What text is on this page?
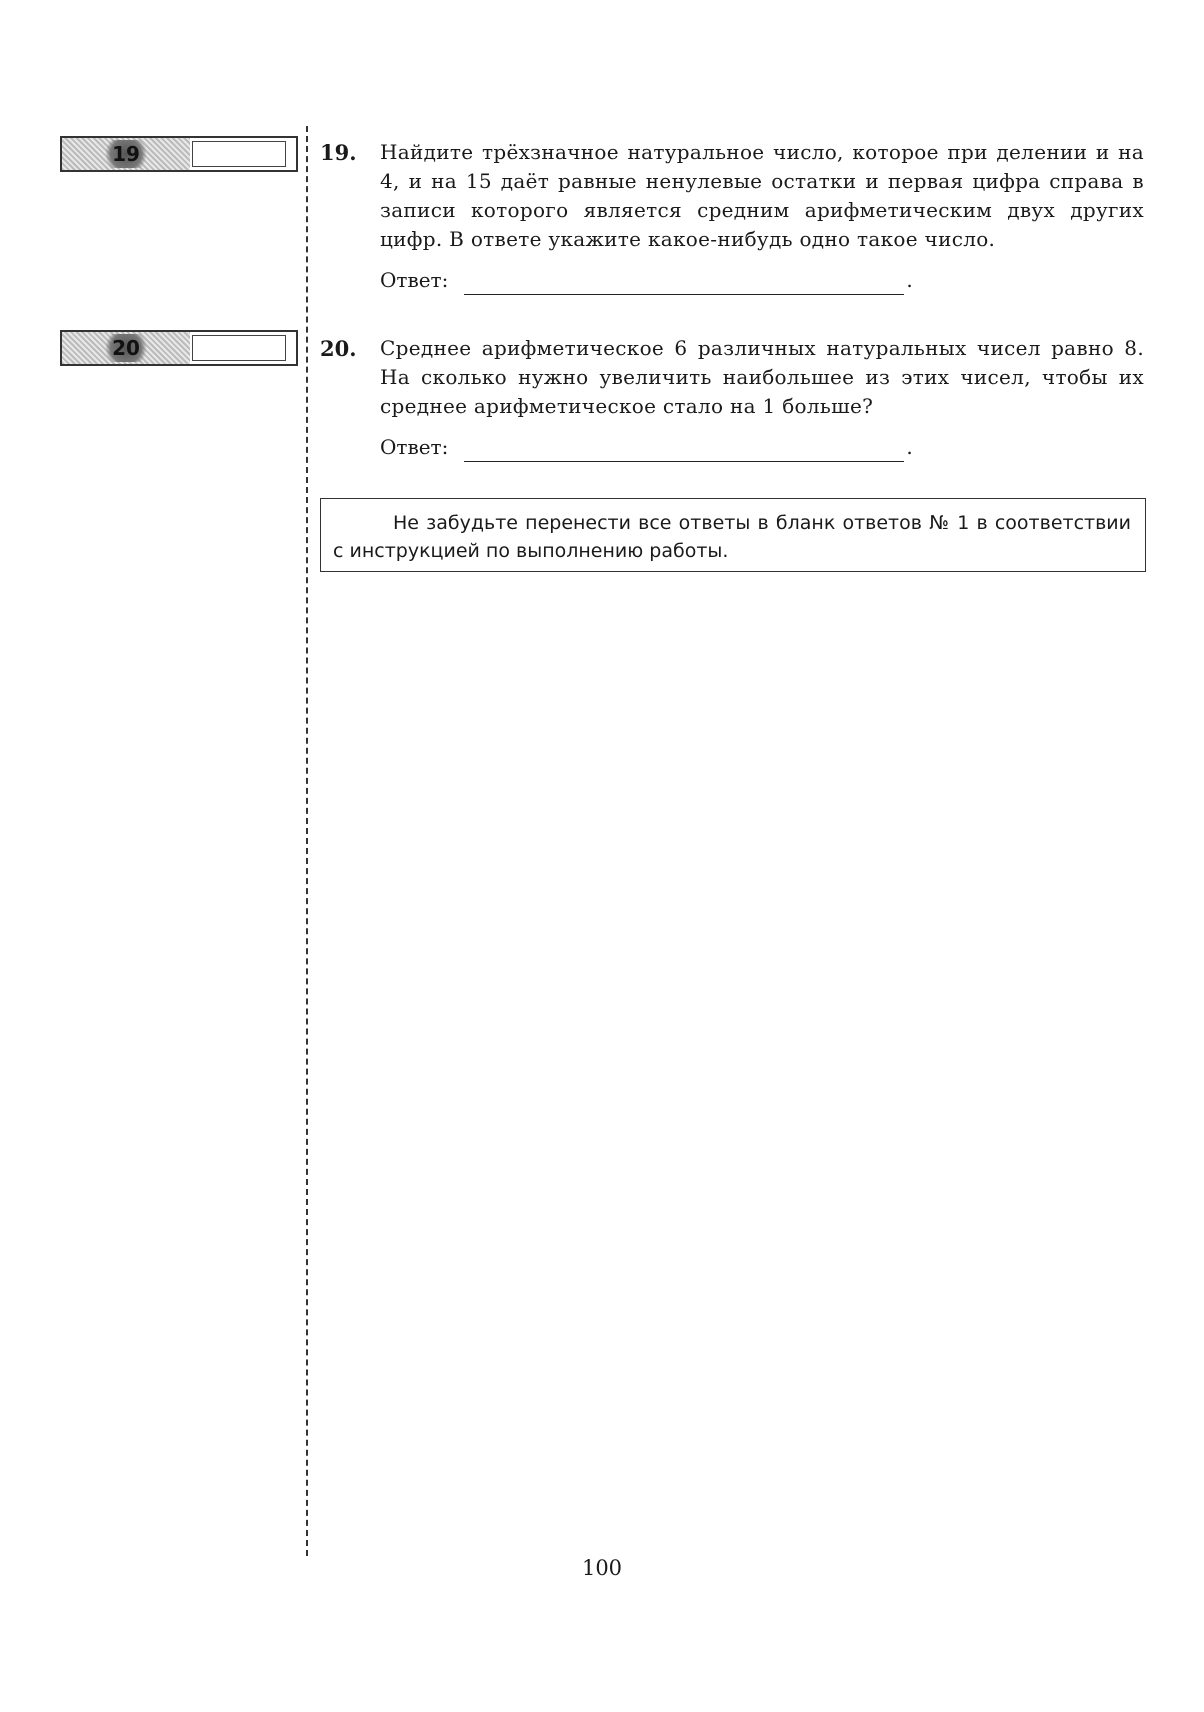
19	19. Найдите трёхзначное натуральное число, которое при делении и на 4, и на 15 даёт равные ненулевые остатки и первая цифра справа в записи которого является средним арифметическим двух других цифр. В ответе укажите какое-нибудь одно такое число.
Ответ:	.
20	20. Среднее арифметическое 6 различных натуральных чисел равно 8. На сколько нужно увеличить наибольшее из этих чисел, чтобы их среднее арифметическое стало на 1 больше?
Ответ:	.
Не забудьте перенести все ответы в бланк ответов № 1 в соответствии с инструкцией по выполнению работы.
100
